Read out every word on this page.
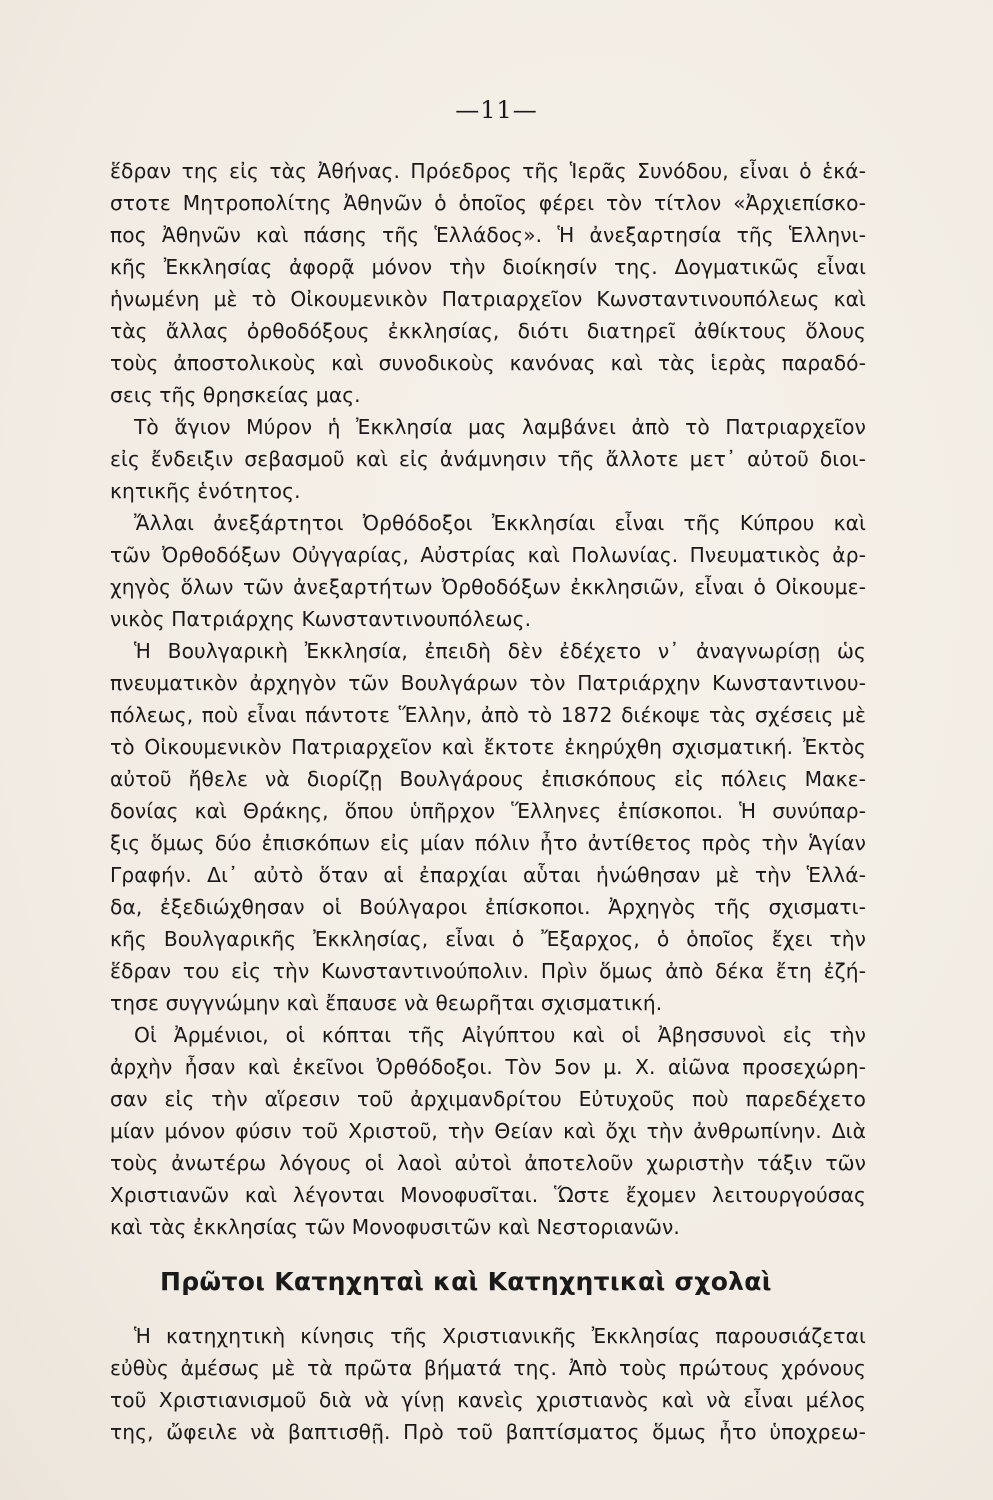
—11—
ἕδραν της εἰς τὰς Ἀθήνας. Πρόεδρος τῆς Ἱερᾶς Συνόδου, εἶναι ὁ ἑκά-
στοτε Μητροπολίτης Ἀθηνῶν ὁ ὁποῖος φέρει τὸν τίτλον «Ἀρχιεπίσκο-
πος Ἀθηνῶν καὶ πάσης τῆς Ἑλλάδος». Ἡ ἀνεξαρτησία τῆς Ἑλληνι-
κῆς Ἐκκλησίας ἀφορᾷ μόνον τὴν διοίκησίν της. Δογματικῶς εἶναι
ἡνωμένη μὲ τὸ Οἰκουμενικὸν Πατριαρχεῖον Κωνσταντινουπόλεως καὶ
τὰς ἄλλας ὀρθοδόξους ἐκκλησίας, διότι διατηρεῖ ἀθίκτους ὅλους
τοὺς ἀποστολικοὺς καὶ συνοδικοὺς κανόνας καὶ τὰς ἱερὰς παραδό-
σεις τῆς θρησκείας μας.
Τὸ ἅγιον Μύρον ἡ Ἐκκλησία μας λαμβάνει ἀπὸ τὸ Πατριαρχεῖον
εἰς ἔνδειξιν σεβασμοῦ καὶ εἰς ἀνάμνησιν τῆς ἄλλοτε μετ᾽ αὐτοῦ διοι-
κητικῆς ἑνότητος.
Ἄλλαι ἀνεξάρτητοι Ὀρθόδοξοι Ἐκκλησίαι εἶναι τῆς Κύπρου καὶ
τῶν Ὀρθοδόξων Οὐγγαρίας, Αὐστρίας καὶ Πολωνίας. Πνευματικὸς ἀρ-
χηγὸς ὅλων τῶν ἀνεξαρτήτων Ὀρθοδόξων ἐκκλησιῶν, εἶναι ὁ Οἰκουμε-
νικὸς Πατριάρχης Κωνσταντινουπόλεως.
Ἡ Βουλγαρικὴ Ἐκκλησία, ἐπειδὴ δὲν ἐδέχετο ν᾽ ἀναγνωρίσῃ ὡς
πνευματικὸν ἀρχηγὸν τῶν Βουλγάρων τὸν Πατριάρχην Κωνσταντινου-
πόλεως, ποὺ εἶναι πάντοτε Ἕλλην, ἀπὸ τὸ 1872 διέκοψε τὰς σχέσεις μὲ
τὸ Οἰκουμενικὸν Πατριαρχεῖον καὶ ἔκτοτε ἐκηρύχθη σχισματική. Ἐκτὸς
αὐτοῦ ἤθελε νὰ διορίζῃ Βουλγάρους ἐπισκόπους εἰς πόλεις Μακε-
δονίας καὶ Θράκης, ὅπου ὑπῆρχον Ἕλληνες ἐπίσκοποι. Ἡ συνύπαρ-
ξις ὅμως δύο ἐπισκόπων εἰς μίαν πόλιν ἦτο ἀντίθετος πρὸς τὴν Ἁγίαν
Γραφήν. Δι᾽ αὐτὸ ὅταν αἱ ἐπαρχίαι αὗται ἡνώθησαν μὲ τὴν Ἑλλά-
δα, ἐξεδιώχθησαν οἱ Βούλγαροι ἐπίσκοποι. Ἀρχηγὸς τῆς σχισματι-
κῆς Βουλγαρικῆς Ἐκκλησίας, εἶναι ὁ Ἔξαρχος, ὁ ὁποῖος ἔχει τὴν
ἕδραν του εἰς τὴν Κωνσταντινούπολιν. Πρὶν ὅμως ἀπὸ δέκα ἔτη ἐζή-
τησε συγγνώμην καὶ ἔπαυσε νὰ θεωρῆται σχισματική.
Οἱ Ἀρμένιοι, οἱ κόπται τῆς Αἰγύπτου καὶ οἱ Ἀβησσυνοὶ εἰς τὴν
ἀρχὴν ἦσαν καὶ ἐκεῖνοι Ὀρθόδοξοι. Τὸν 5ον μ. Χ. αἰῶνα προσεχώρη-
σαν εἰς τὴν αἵρεσιν τοῦ ἀρχιμανδρίτου Εὐτυχοῦς ποὺ παρεδέχετο
μίαν μόνον φύσιν τοῦ Χριστοῦ, τὴν Θείαν καὶ ὄχι τὴν ἀνθρωπίνην. Διὰ
τοὺς ἀνωτέρω λόγους οἱ λαοὶ αὐτοὶ ἀποτελοῦν χωριστὴν τάξιν τῶν
Χριστιανῶν καὶ λέγονται Μονοφυσῖται. Ὥστε ἔχομεν λειτουργούσας
καὶ τὰς ἐκκλησίας τῶν Μονοφυσιτῶν καὶ Νεστοριανῶν.
Πρῶτοι Κατηχηταὶ καὶ Κατηχητικαὶ σχολαὶ
Ἡ κατηχητικὴ κίνησις τῆς Χριστιανικῆς Ἐκκλησίας παρουσιάζεται
εὐθὺς ἀμέσως μὲ τὰ πρῶτα βήματά της. Ἀπὸ τοὺς πρώτους χρόνους
τοῦ Χριστιανισμοῦ διὰ νὰ γίνῃ κανεὶς χριστιανὸς καὶ νὰ εἶναι μέλος
της, ὤφειλε νὰ βαπτισθῇ. Πρὸ τοῦ βαπτίσματος ὅμως ἦτο ὑποχρεω-
